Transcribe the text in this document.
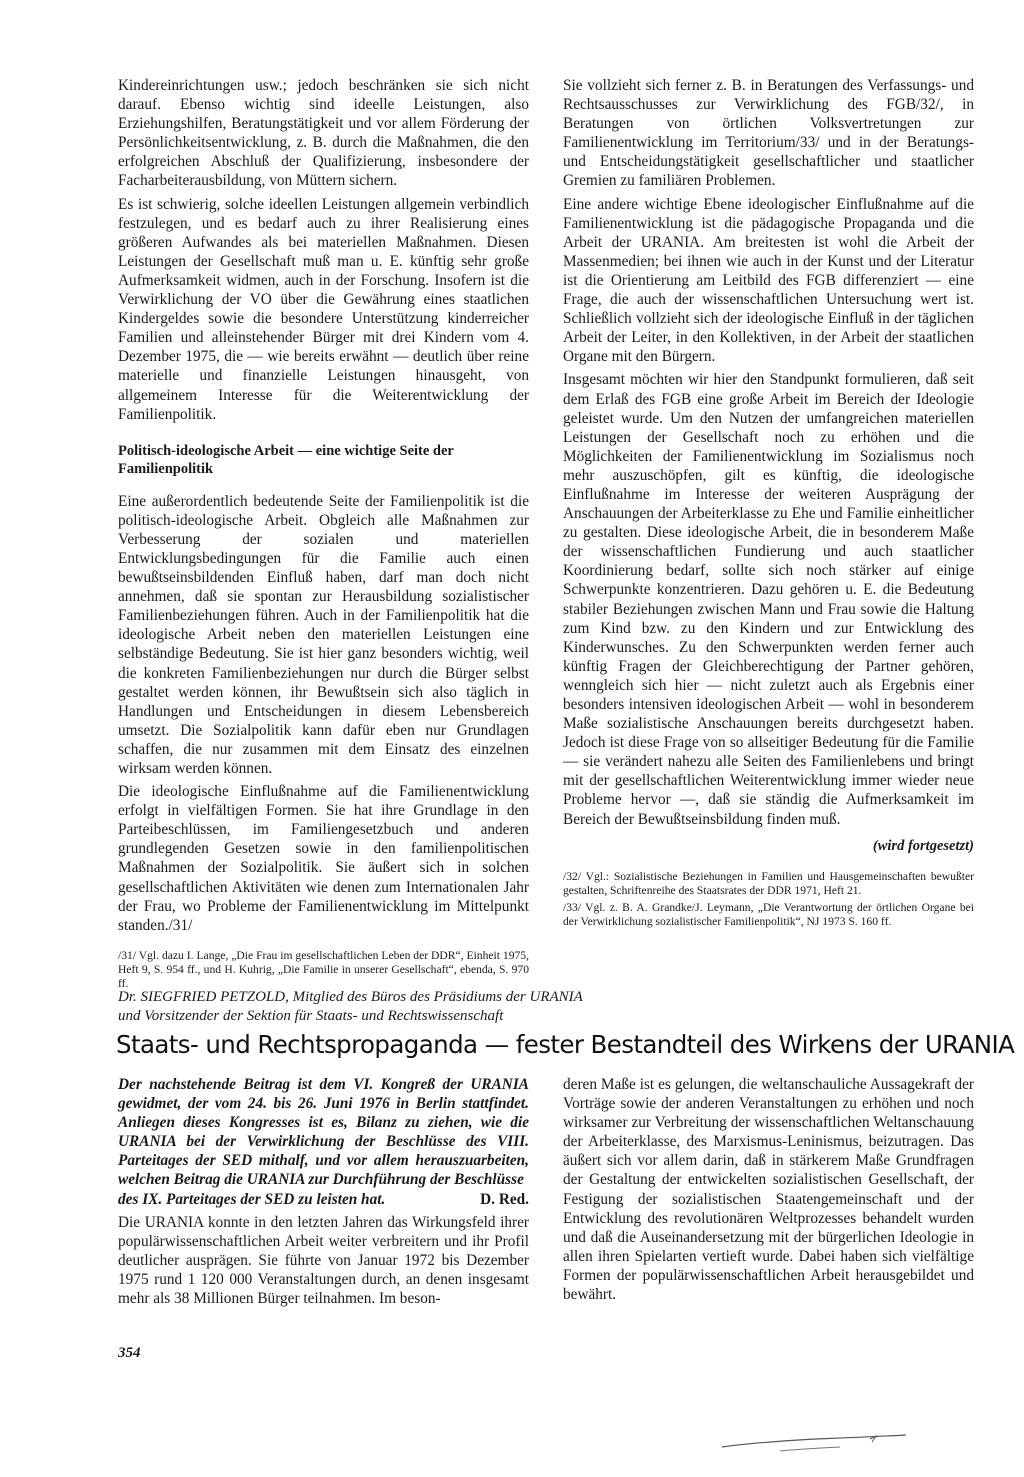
Kindereinrichtungen usw.; jedoch beschränken sie sich nicht darauf. Ebenso wichtig sind ideelle Leistungen, also Erziehungshilfen, Beratungstätigkeit und vor allem Förderung der Persönlichkeitsentwicklung, z. B. durch die Maßnahmen, die den erfolgreichen Abschluß der Qualifizierung, insbesondere der Facharbeiterausbildung, von Müttern sichern.

Es ist schwierig, solche ideellen Leistungen allgemein verbindlich festzulegen, und es bedarf auch zu ihrer Realisierung eines größeren Aufwandes als bei materiellen Maßnahmen. Diesen Leistungen der Gesellschaft muß man u. E. künftig sehr große Aufmerksamkeit widmen, auch in der Forschung. Insofern ist die Verwirklichung der VO über die Gewährung eines staatlichen Kindergeldes sowie die besondere Unterstützung kinderreicher Familien und alleinstehender Bürger mit drei Kindern vom 4. Dezember 1975, die — wie bereits erwähnt — deutlich über reine materielle und finanzielle Leistungen hinausgeht, von allgemeinem Interesse für die Weiterentwicklung der Familienpolitik.

Politisch-ideologische Arbeit — eine wichtige Seite der Familienpolitik

Eine außerordentlich bedeutende Seite der Familienpolitik ist die politisch-ideologische Arbeit. Obgleich alle Maßnahmen zur Verbesserung der sozialen und materiellen Entwicklungsbedingungen für die Familie auch einen bewußtseinsbildenden Einfluß haben, darf man doch nicht annehmen, daß sie spontan zur Herausbildung sozialistischer Familienbeziehungen führen. Auch in der Familienpolitik hat die ideologische Arbeit neben den materiellen Leistungen eine selbständige Bedeutung. Sie ist hier ganz besonders wichtig, weil die konkreten Familienbeziehungen nur durch die Bürger selbst gestaltet werden können, ihr Bewußtsein sich also täglich in Handlungen und Entscheidungen in diesem Lebensbereich umsetzt. Die Sozialpolitik kann dafür eben nur Grundlagen schaffen, die nur zusammen mit dem Einsatz des einzelnen wirksam werden können.

Die ideologische Einflußnahme auf die Familienentwicklung erfolgt in vielfältigen Formen. Sie hat ihre Grundlage in den Parteibeschlüssen, im Familiengesetzbuch und anderen grundlegenden Gesetzen sowie in den familienpolitischen Maßnahmen der Sozialpolitik. Sie äußert sich in solchen gesellschaftlichen Aktivitäten wie denen zum Internationalen Jahr der Frau, wo Probleme der Familienentwicklung im Mittelpunkt standen./31/

/31/ Vgl. dazu I. Lange, „Die Frau im gesellschaftlichen Leben der DDR“, Einheit 1975, Heft 9, S. 954 ff., und H. Kuhrig, „Die Familie in unserer Gesellschaft“, ebenda, S. 970 ff.

Sie vollzieht sich ferner z. B. in Beratungen des Verfassungs- und Rechtsausschusses zur Verwirklichung des FGB/32/, in Beratungen von örtlichen Volksvertretungen zur Familienentwicklung im Territorium/33/ und in der Beratungs- und Entscheidungstätigkeit gesellschaftlicher und staatlicher Gremien zu familiären Problemen.

Eine andere wichtige Ebene ideologischer Einflußnahme auf die Familienentwicklung ist die pädagogische Propaganda und die Arbeit der URANIA. Am breitesten ist wohl die Arbeit der Massenmedien; bei ihnen wie auch in der Kunst und der Literatur ist die Orientierung am Leitbild des FGB differenziert — eine Frage, die auch der wissenschaftlichen Untersuchung wert ist. Schließlich vollzieht sich der ideologische Einfluß in der täglichen Arbeit der Leiter, in den Kollektiven, in der Arbeit der staatlichen Organe mit den Bürgern.

Insgesamt möchten wir hier den Standpunkt formulieren, daß seit dem Erlaß des FGB eine große Arbeit im Bereich der Ideologie geleistet wurde. Um den Nutzen der umfangreichen materiellen Leistungen der Gesellschaft noch zu erhöhen und die Möglichkeiten der Familienentwicklung im Sozialismus noch mehr auszuschöpfen, gilt es künftig, die ideologische Einflußnahme im Interesse der weiteren Ausprägung der Anschauungen der Arbeiterklasse zu Ehe und Familie einheitlicher zu gestalten. Diese ideologische Arbeit, die in besonderem Maße der wissenschaftlichen Fundierung und auch staatlicher Koordinierung bedarf, sollte sich noch stärker auf einige Schwerpunkte konzentrieren. Dazu gehören u. E. die Bedeutung stabiler Beziehungen zwischen Mann und Frau sowie die Haltung zum Kind bzw. zu den Kindern und zur Entwicklung des Kinderwunsches. Zu den Schwerpunkten werden ferner auch künftig Fragen der Gleichberechtigung der Partner gehören, wenngleich sich hier — nicht zuletzt auch als Ergebnis einer besonders intensiven ideologischen Arbeit — wohl in besonderem Maße sozialistische Anschauungen bereits durchgesetzt haben. Jedoch ist diese Frage von so allseitiger Bedeutung für die Familie — sie verändert nahezu alle Seiten des Familienlebens und bringt mit der gesellschaftlichen Weiterentwicklung immer wieder neue Probleme hervor —, daß sie ständig die Aufmerksamkeit im Bereich der Bewußtseinsbildung finden muß.

(wird fortgesetzt)

/32/ Vgl.: Sozialistische Beziehungen in Familien und Hausgemeinschaften bewußter gestalten, Schriftenreihe des Staatsrates der DDR 1971, Heft 21.

/33/ Vgl. z. B. A. Grandke/J. Leymann, „Die Verantwortung der örtlichen Organe bei der Verwirklichung sozialistischer Familienpolitik“, NJ 1973 S. 160 ff.

Dr. SIEGFRIED PETZOLD, Mitglied des Büros des Präsidiums der URANIA
und Vorsitzender der Sektion für Staats- und Rechtswissenschaft
Staats- und Rechtspropaganda — fester Bestandteil des Wirkens der URANIA

Der nachstehende Beitrag ist dem VI. Kongreß der URANIA gewidmet, der vom 24. bis 26. Juni 1976 in Berlin stattfindet. Anliegen dieses Kongresses ist es, Bilanz zu ziehen, wie die URANIA bei der Verwirklichung der Beschlüsse des VIII. Parteitages der SED mithalf, und vor allem herauszuarbeiten, welchen Beitrag die URANIA zur Durchführung der Beschlüsse

des IX. Parteitages der SED zu leisten hat.	D. Red.

Die URANIA konnte in den letzten Jahren das Wirkungsfeld ihrer populärwissenschaftlichen Arbeit weiter verbreitern und ihr Profil deutlicher ausprägen. Sie führte von Januar 1972 bis Dezember 1975 rund 1 120 000 Veranstaltungen durch, an denen insgesamt mehr als 38 Millionen Bürger teilnahmen. Im beson-

deren Maße ist es gelungen, die weltanschauliche Aussagekraft der Vorträge sowie der anderen Veranstaltungen zu erhöhen und noch wirksamer zur Verbreitung der wissenschaftlichen Weltanschauung der Arbeiterklasse, des Marxismus-Leninismus, beizutragen. Das äußert sich vor allem darin, daß in stärkerem Maße Grundfragen der Gestaltung der entwickelten sozialistischen Gesellschaft, der Festigung der sozialistischen Staatengemeinschaft und der Entwicklung des revolutionären Weltprozesses behandelt wurden und daß die Auseinandersetzung mit der bürgerlichen Ideologie in allen ihren Spielarten vertieft wurde. Dabei haben sich vielfältige Formen der populärwissenschaftlichen Arbeit herausgebildet und bewährt.

354
